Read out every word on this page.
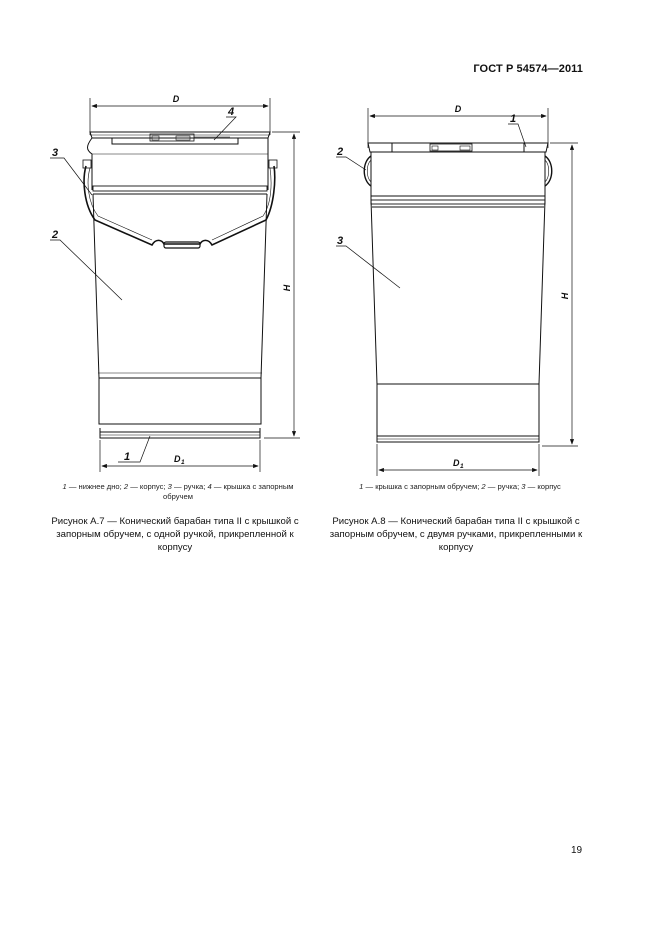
ГОСТ Р 54574—2011
D
H
D 1
1
2
3
4	D
H
D 1
1
2
3
1 — нижнее дно; 2 — корпус; 3 — ручка; 4 — крышка с запорным обручем
1 — крышка с запорным обручем; 2 — ручка; 3 — корпус
Рисунок А.7 — Конический барабан типа II с крышкой с запорным обручем, с одной ручкой, прикрепленной к корпусу
Рисунок А.8 — Конический барабан типа II с крышкой с запорным обручем, с двумя ручками, прикрепленными к корпусу
19
